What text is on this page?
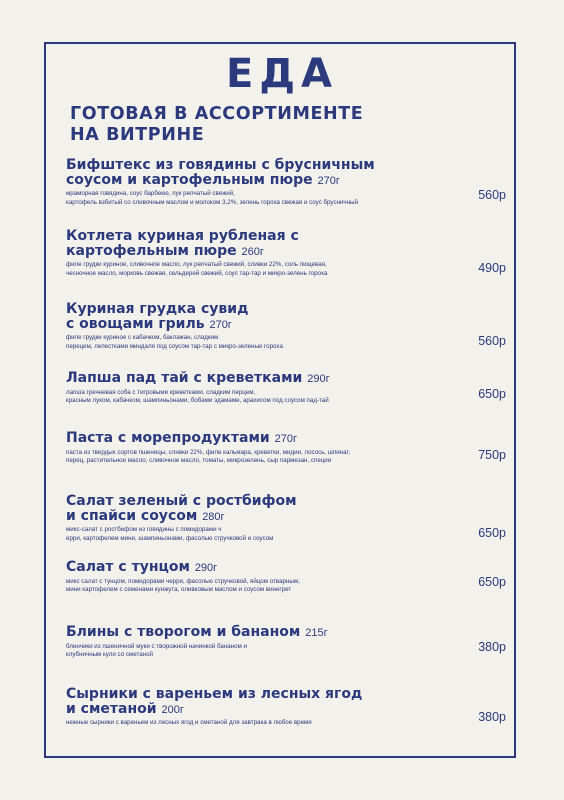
ЕДА
ГОТОВАЯ В АССОРТИМЕНТЕ
НА ВИТРИНЕ
Бифштекс из говядины с брусничным
соусом и картофельным пюре 270г
мраморная говядина, соус барбекю, лук репчатый свежий,
картофель взбитый со сливочным маслом и молоком 3,2%, зелень гороха свежая и соус брусничный	560р
Котлета куриная рубленая с
картофельным пюре 260г
филе грудки куриное, сливочное масло, лук репчатый свежий, сливки 22%, соль пищевая,
чесночное масло, морковь свежая, сельдерей свежий, соус тар-тар и микро-зелень гороха	490р
Куриная грудка сувид
с овощами гриль 270г
филе грудки куриное с кабачком, баклажан, сладким
перецем, лепестками миндаля под соусом тар-тар с микро-зеленью гороха	560р
Лапша пад тай с креветками 290г
лапша гречневая соба с тигровыми креветками, сладким перцем,
красным луком, кабачком, шампиньонами, бобами эдамаме, арахисом под соусом пад-тай	650р
Паста с морепродуктами 270г
паста из твердых сортов пшеницы, сливки 22%, филе кальмара, креветки, мидии, лосось, шпинат,
перец, растительное масло, сливочное масло, томаты, микрозелень, сыр пармезан, специи	750р
Салат зеленый с ростбифом
и спайси соусом 280г
микс-салат с ростбифом из говядины с помидорами ч
ерри, картофелем мини, шампиньонами, фасолью стручковой и соусом	650р
Салат с тунцом 290г
микс салат с тунцом, помидорами черри, фасолью стручковой, яйцом отварным,
мини картофелем с семенами кунжута, оливковым маслом и соусом винегрет
650р
Блины с творогом и бананом 215г
блинчики из пшеничной муки с творожной начинкой бананом и
клубничным кули со сметаной
380р
Сырники с вареньем из лесных ягод
и сметаной 200г
нежные сырники с вареньем из лесных ягод и сметаной для завтрака в любое время	380р
